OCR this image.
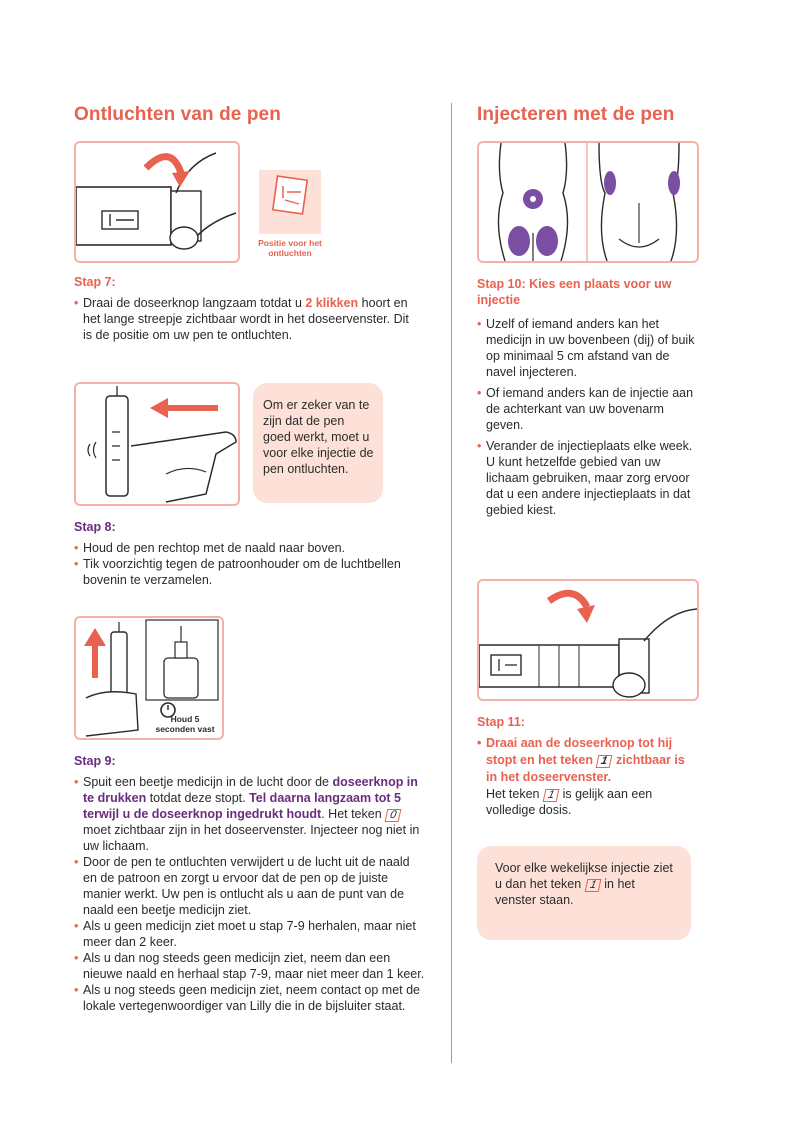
Ontluchten van de pen
Positie voor het ontluchten
Stap 7:
• Draai de doseerknop langzaam totdat u 2 klikken hoort en het lange streepje zichtbaar wordt in het doseervenster. Dit is de positie om uw pen te ontluchten.
Om er zeker van te zijn dat de pen goed werkt, moet u voor elke injectie de pen ontluchten.
Stap 8:
• Houd de pen rechtop met de naald naar boven.
• Tik voorzichtig tegen de patroonhouder om de luchtbellen bovenin te verzamelen.
Houd 5 seconden vast
Stap 9:
• Spuit een beetje medicijn in de lucht door de doseerknop in te drukken totdat deze stopt. Tel daarna langzaam tot 5 terwijl u de doseerknop ingedrukt houdt. Het teken 0 moet zichtbaar zijn in het doseervenster. Injecteer nog niet in uw lichaam.
• Door de pen te ontluchten verwijdert u de lucht uit de naald en de patroon en zorgt u ervoor dat de pen op de juiste manier werkt. Uw pen is ontlucht als u aan de punt van de naald een beetje medicijn ziet.
• Als u geen medicijn ziet moet u stap 7-9 herhalen, maar niet meer dan 2 keer.
• Als u dan nog steeds geen medicijn ziet, neem dan een nieuwe naald en herhaal stap 7-9, maar niet meer dan 1 keer.
• Als u nog steeds geen medicijn ziet, neem contact op met de lokale vertegenwoordiger van Lilly die in de bijsluiter staat.
Injecteren met de pen
Stap 10: Kies een plaats voor uw injectie
• Uzelf of iemand anders kan het medicijn in uw bovenbeen (dij) of buik op minimaal 5 cm afstand van de navel injecteren.
• Of iemand anders kan de injectie aan de achterkant van uw bovenarm geven.
• Verander de injectieplaats elke week. U kunt hetzelfde gebied van uw lichaam gebruiken, maar zorg ervoor dat u een andere injectieplaats in dat gebied kiest.
Stap 11:
• Draai aan de doseerknop tot hij stopt en het teken 1 zichtbaar is in het doseervenster.
Het teken 1 is gelijk aan een volledige dosis.
Voor elke wekelijkse injectie ziet u dan het teken 1 in het venster staan.
